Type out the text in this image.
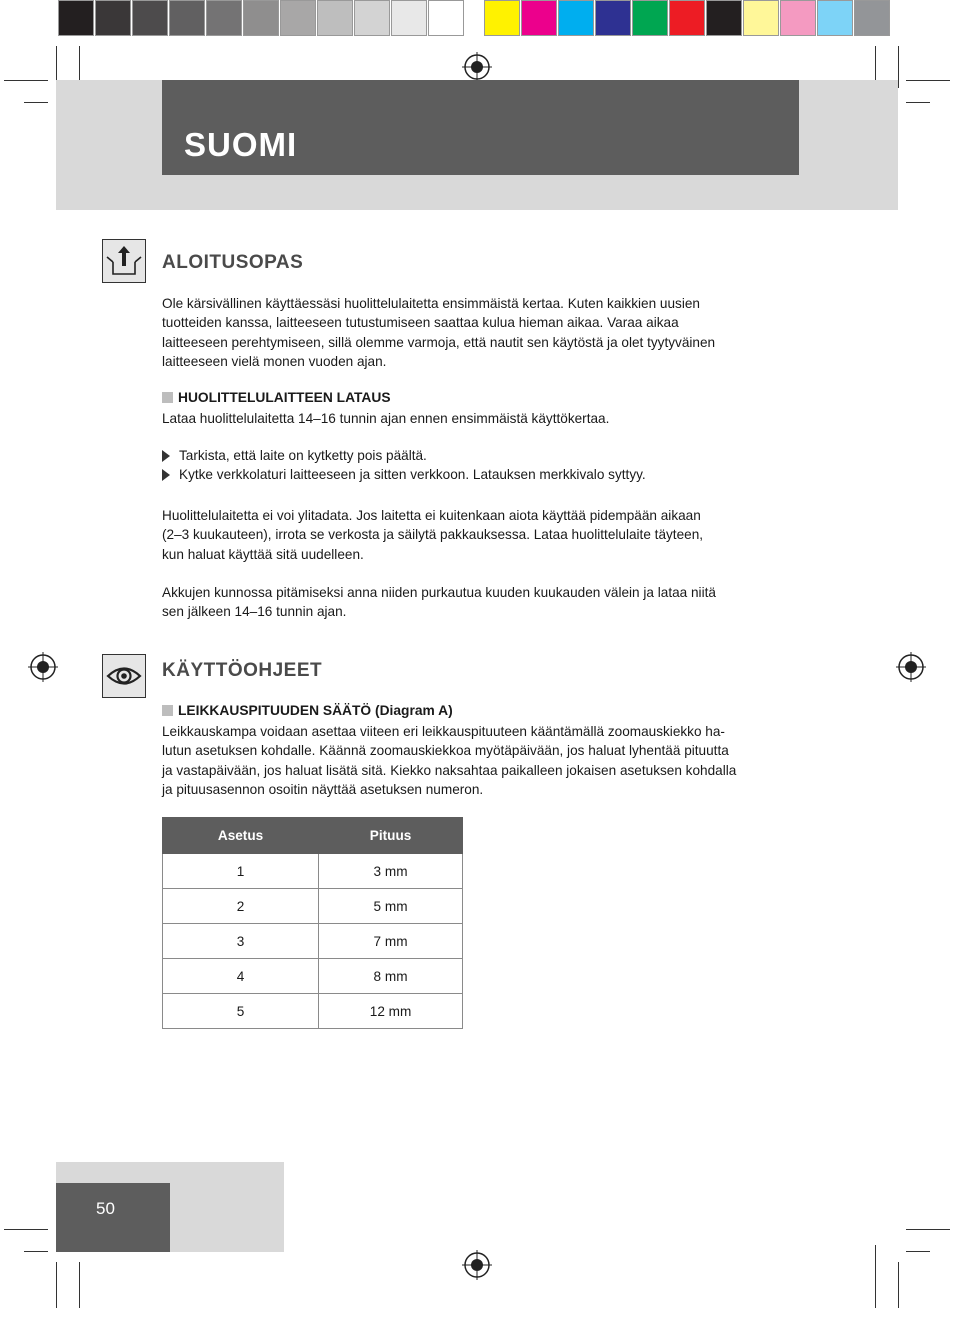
SUOMI
ALOITUSOPAS

Ole kärsivällinen käyttäessäsi huolittelulaitetta ensimmäistä kertaa. Kuten kaikkien uusien
tuotteiden kanssa, laitteeseen tutustumiseen saattaa kulua hieman aikaa. Varaa aikaa
laitteeseen perehtymiseen, sillä olemme varmoja, että nautit sen käytöstä ja olet tyytyväinen
laitteeseen vielä monen vuoden ajan.

HUOLITTELULAITTEEN LATAUS

Lataa huolittelulaitetta 14–16 tunnin ajan ennen ensimmäistä käyttökertaa.

Tarkista, että laite on kytketty pois päältä.
Kytke verkkolaturi laitteeseen ja sitten verkkoon. Latauksen merkkivalo syttyy.

Huolittelulaitetta ei voi ylitadata. Jos laitetta ei kuitenkaan aiota käyttää pidempään aikaan
(2–3 kuukauteen), irrota se verkosta ja säilytä pakkauksessa. Lataa huolittelulaite täyteen,
kun haluat käyttää sitä uudelleen.

Akkujen kunnossa pitämiseksi anna niiden purkautua kuuden kuukauden välein ja lataa niitä
sen jälkeen 14–16 tunnin ajan.

KÄYTTÖOHJEET
LEIKKAUSPITUUDEN SÄÄTÖ (Diagram A)

Leikkauskampa voidaan asettaa viiteen eri leikkauspituuteen kääntämällä zoomauskiekko ha-
lutun asetuksen kohdalle. Käännä zoomauskiekkoa myötäpäivään, jos haluat lyhentää pituutta
ja vastapäivään, jos haluat lisätä sitä. Kiekko naksahtaa paikalleen jokaisen asetuksen kohdalla
ja pituusasennon osoitin näyttää asetuksen numeron.

Asetus	Pituus
1	3 mm
2	5 mm
3	7 mm
4	8 mm
5	12 mm
50
